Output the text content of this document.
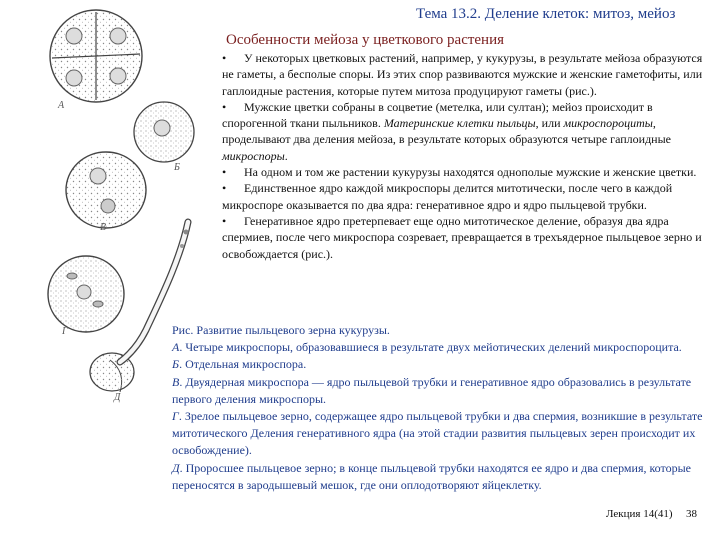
Тема 13.2. Деление клеток: митоз, мейоз
Особенности мейоза у цветкового растения
А
Б
В
Г
Д

• У некоторых цветковых растений, например, у кукурузы, в результате мейоза образуются не гаметы, а бесполые споры. Из этих спор развиваются мужские и женские гаметофиты, или гаплоидные растения, которые путем митоза продуцируют гаметы (рис.).

• Мужские цветки собраны в соцветие (метелка, или султан); мейоз происходит в спорогенной ткани пыльников. Материнские клетки пыльцы, или микроспороциты, проделывают два деления мейоза, в результате которых образуются четыре гаплоидные микроспоры.

• На одном и том же растении кукурузы находятся однополые мужские и женские цветки.

• Единственное ядро каждой микроспоры делится митотически, после чего в каждой микроспоре оказывается по два ядра: генеративное ядро и ядро пыльцевой трубки.

• Генеративное ядро претерпевает еще одно митотическое деление, образуя два ядра спермиев, после чего микроспора созревает, превращается в трехъядерное пыльцевое зерно и освобождается (рис.).

Рис. Развитие пыльцевого зерна кукурузы.

А. Четыре микроспоры, образовавшиеся в результате двух мейотических делений микроспороцита.

Б. Отдельная микроспора.

В. Двуядерная микроспора — ядро пыльцевой трубки и генеративное ядро образовались в результате первого деления микроспоры.

Г. Зрелое пыльцевое зерно, содержащее ядро пыльцевой трубки и два спермия, возникшие в результате митотического Деления генеративного ядра (на этой стадии развития пыльцевых зерен происходит их освобождение).

Д. Проросшее пыльцевое зерно; в конце пыльцевой трубки находятся ее ядро и два спермия, которые переносятся в зародышевый мешок, где они оплодотворяют яйцеклетку.

Лекция 14(41) 38
